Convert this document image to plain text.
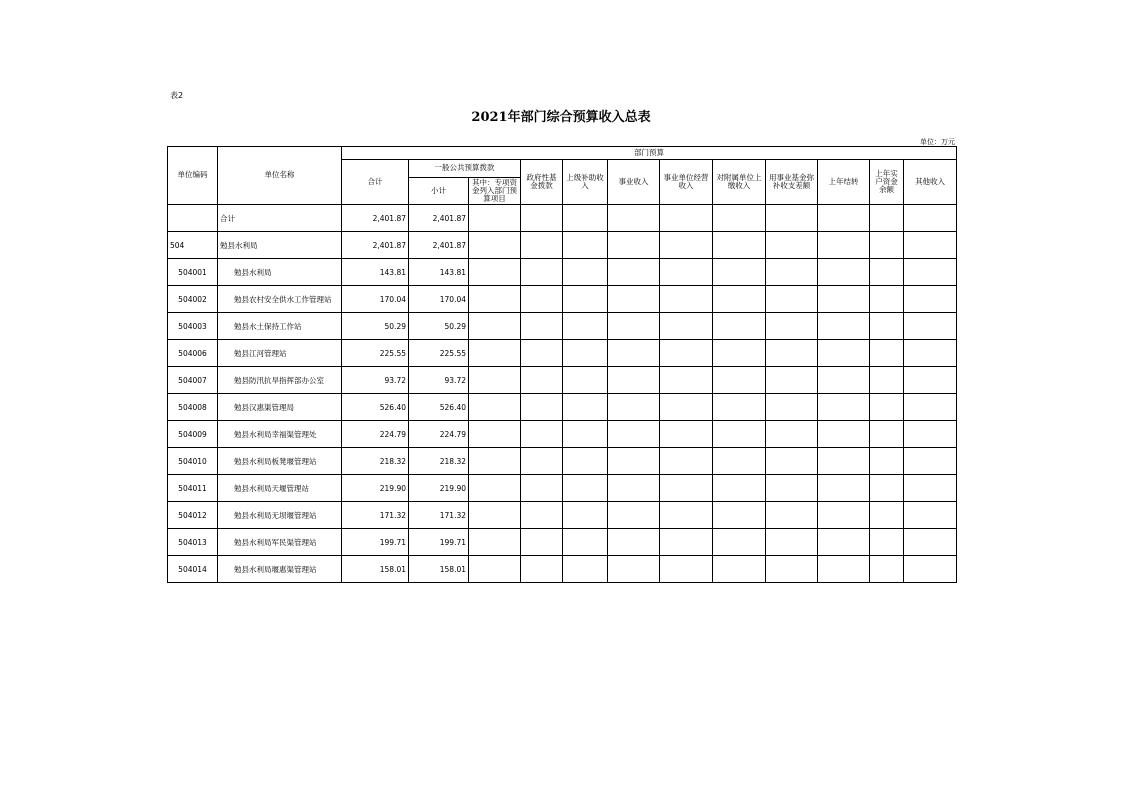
表2
2021年部门综合预算收入总表
单位：万元
单位编码	单位名称	部门预算											
		合计	一般公共预算拨款		政府性基金拨款	上级补助收入	事业收入	事业单位经营收入	对附属单位上缴收入	用事业基金弥补收支差额	上年结转	上年实户资金余额	其他收入
			小计	其中：专项资金列入部门预算项目									
	合计	2,401.87	2,401.87										
504	勉县水利局	2,401.87	2,401.87										
504001	勉县水利局	143.81	143.81										
504002	勉县农村安全供水工作管理站	170.04	170.04										
504003	勉县水土保持工作站	50.29	50.29										
504006	勉县江河管理站	225.55	225.55										
504007	勉县防汛抗旱指挥部办公室	93.72	93.72										
504008	勉县汉惠渠管理局	526.40	526.40										
504009	勉县水利局幸福渠管理处	224.79	224.79										
504010	勉县水利局板凳堰管理站	218.32	218.32										
504011	勉县水利局天堰管理站	219.90	219.90										
504012	勉县水利局无坝堰管理站	171.32	171.32										
504013	勉县水利局军民渠管理站	199.71	199.71										
504014	勉县水利局堰惠渠管理站	158.01	158.01										
